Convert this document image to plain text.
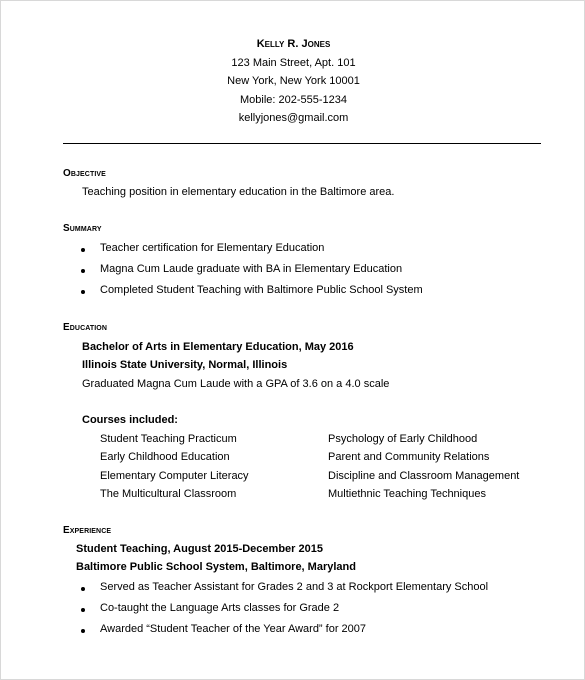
Kelly R. Jones
123 Main Street, Apt. 101
New York, New York 10001
Mobile: 202-555-1234
kellyjones@gmail.com
Objective
Teaching position in elementary education in the Baltimore area.
Summary
Teacher certification for Elementary Education
Magna Cum Laude graduate with BA in Elementary Education
Completed Student Teaching with Baltimore Public School System
Education
Bachelor of Arts in Elementary Education, May 2016
Illinois State University, Normal, Illinois
Graduated Magna Cum Laude with a GPA of 3.6 on a 4.0 scale
Courses included:
Student Teaching Practicum
Early Childhood Education
Elementary Computer Literacy
The Multicultural Classroom
Psychology of Early Childhood
Parent and Community Relations
Discipline and Classroom Management
Multiethnic Teaching Techniques
Experience
Student Teaching, August 2015-December 2015
Baltimore Public School System, Baltimore, Maryland
Served as Teacher Assistant for Grades 2 and 3 at Rockport Elementary School
Co-taught the Language Arts classes for Grade 2
Awarded “Student Teacher of the Year Award” for 2007
